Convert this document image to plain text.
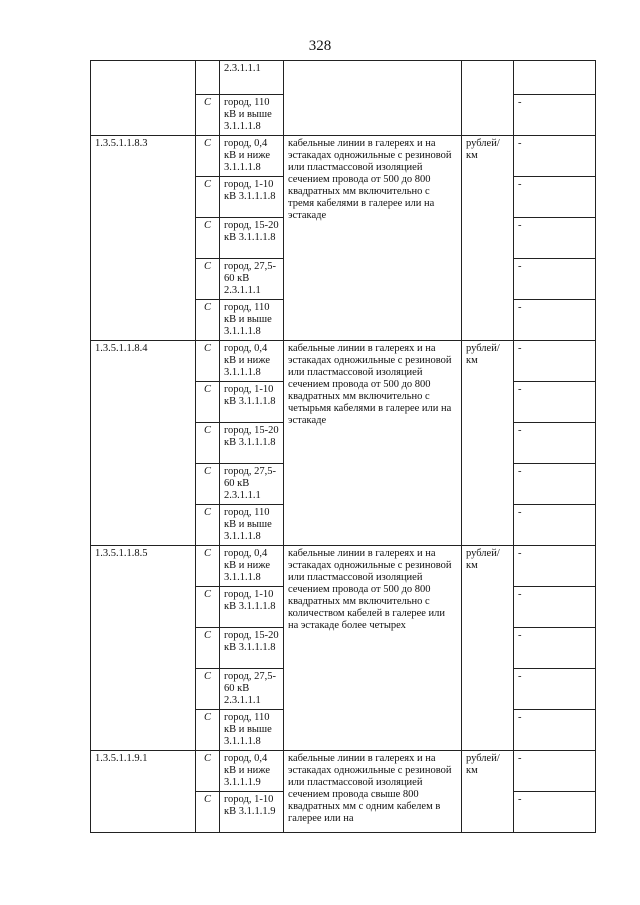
328
		2.3.1.1.1			
	C	город, 110 кВ и выше 3.1.1.1.8			-
1.3.5.1.1.8.3	C	город, 0,4 кВ и ниже 3.1.1.1.8	кабельные линии в галереях и на эстакадах одножильные с резиновой или пластмассовой изоляцией сечением провода от 500 до 800 квадратных мм включительно с тремя кабелями в галерее или на эстакаде	рублей/ км	-
	C	город, 1-10 кВ 3.1.1.1.8			-
	C	город, 15-20 кВ 3.1.1.1.8			-
	C	город, 27,5-60 кВ 2.3.1.1.1			-
	C	город, 110 кВ и выше 3.1.1.1.8			-
1.3.5.1.1.8.4	C	город, 0,4 кВ и ниже 3.1.1.1.8	кабельные линии в галереях и на эстакадах одножильные с резиновой или пластмассовой изоляцией сечением провода от 500 до 800 квадратных мм включительно с четырьмя кабелями в галерее или на эстакаде	рублей/ км	-
	C	город, 1-10 кВ 3.1.1.1.8			-
	C	город, 15-20 кВ 3.1.1.1.8			-
	C	город, 27,5-60 кВ 2.3.1.1.1			-
	C	город, 110 кВ и выше 3.1.1.1.8			-
1.3.5.1.1.8.5	C	город, 0,4 кВ и ниже 3.1.1.1.8	кабельные линии в галереях и на эстакадах одножильные с резиновой или пластмассовой изоляцией сечением провода от 500 до 800 квадратных мм включительно с количеством кабелей в галерее или на эстакаде более четырех	рублей/ км	-
	C	город, 1-10 кВ 3.1.1.1.8			-
	C	город, 15-20 кВ 3.1.1.1.8			-
	C	город, 27,5-60 кВ 2.3.1.1.1			-
	C	город, 110 кВ и выше 3.1.1.1.8			-
1.3.5.1.1.9.1	C	город, 0,4 кВ и ниже 3.1.1.1.9	кабельные линии в галереях и на эстакадах одножильные с резиновой или пластмассовой изоляцией сечением провода свыше 800 квадратных мм с одним кабелем в галерее или на	рублей/ км	-
	C	город, 1-10 кВ 3.1.1.1.9			-
